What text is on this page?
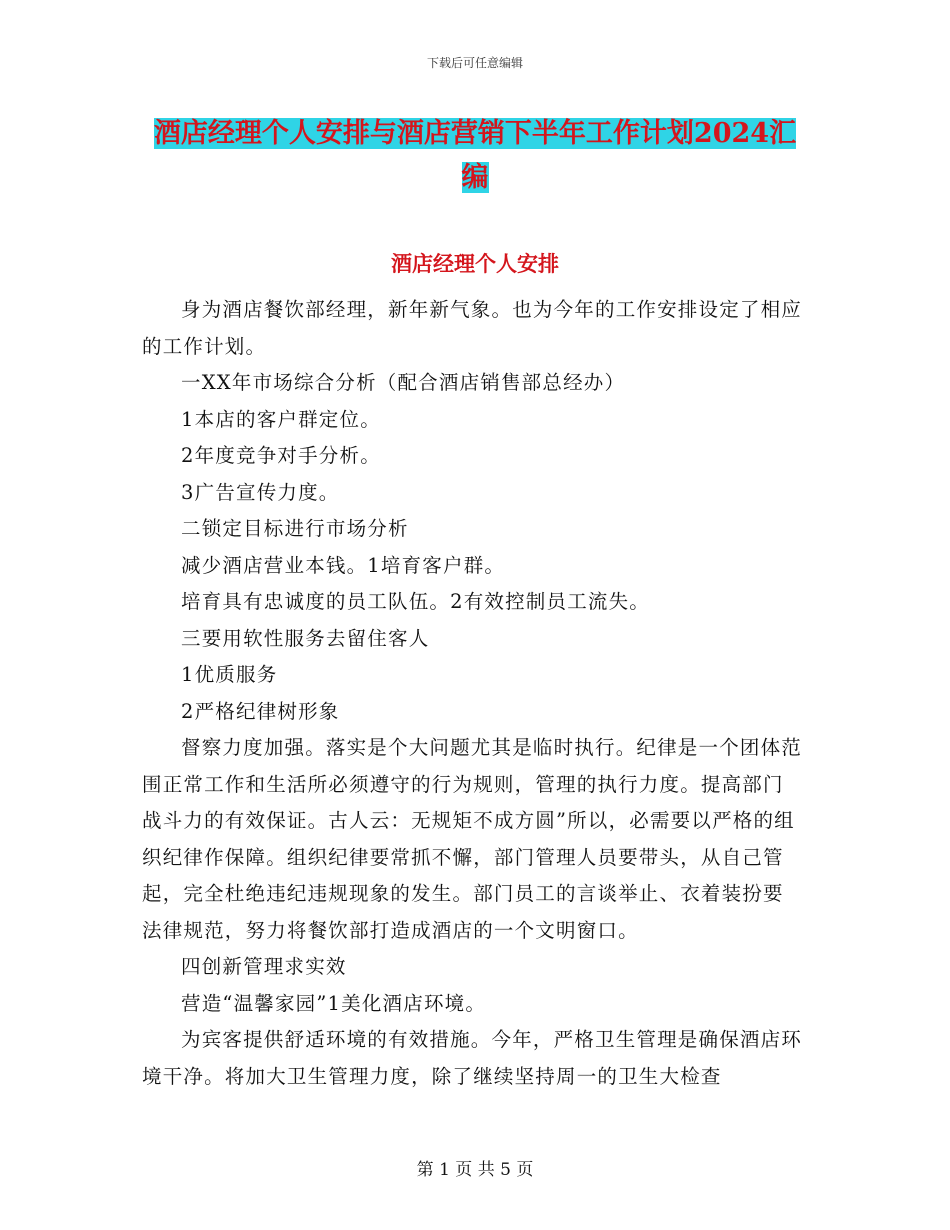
下载后可任意编辑
酒店经理个人安排与酒店营销下半年工作计划2024汇
编
酒店经理个人安排

身为酒店餐饮部经理，新年新气象。也为今年的工作安排设定了相应的工作计划。

一XX年市场综合分析（配合酒店销售部总经办）

1本店的客户群定位。

2年度竞争对手分析。

3广告宣传力度。

二锁定目标进行市场分析

减少酒店营业本钱。1培育客户群。

培育具有忠诚度的员工队伍。2有效控制员工流失。

三要用软性服务去留住客人

1优质服务

2严格纪律树形象

督察力度加强。落实是个大问题尤其是临时执行。纪律是一个团体范围正常工作和生活所必须遵守的行为规则，管理的执行力度。提高部门战斗力的有效保证。古人云：无规矩不成方圆”所以，必需要以严格的组织纪律作保障。组织纪律要常抓不懈，部门管理人员要带头，从自己管起，完全杜绝违纪违规现象的发生。部门员工的言谈举止、衣着装扮要法律规范，努力将餐饮部打造成酒店的一个文明窗口。

四创新管理求实效

营造“温馨家园”1美化酒店环境。

为宾客提供舒适环境的有效措施。今年，严格卫生管理是确保酒店环境干净。将加大卫生管理力度，除了继续坚持周一的卫生大检查

第 1 页 共 5 页
